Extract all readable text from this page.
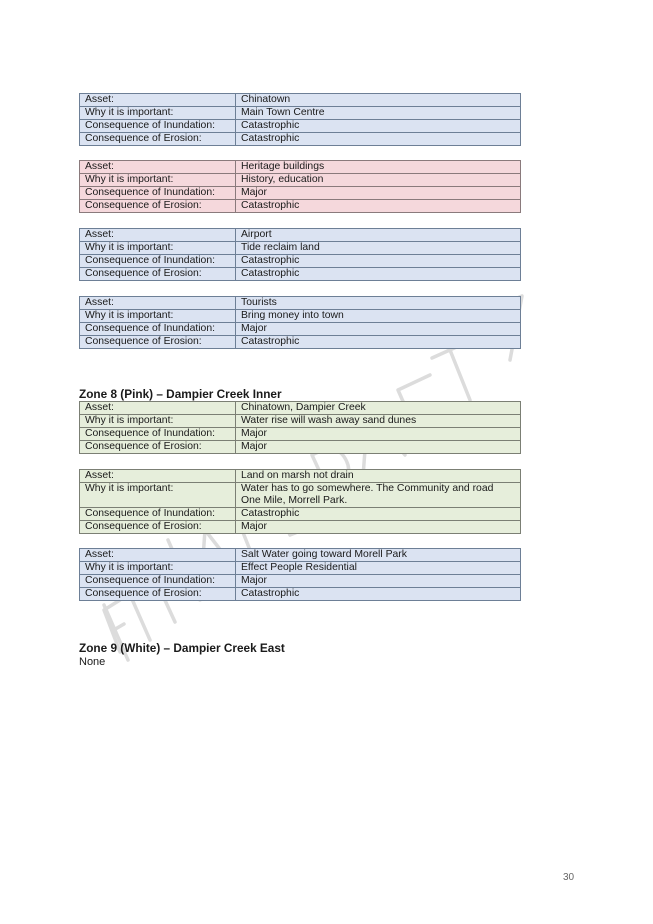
Asset:	Chinatown
Why it is important:	Main Town Centre
Consequence of Inundation:	Catastrophic
Consequence of Erosion:	Catastrophic
Asset:	Heritage buildings
Why it is important:	History, education
Consequence of Inundation:	Major
Consequence of Erosion:	Catastrophic
Asset:	Airport
Why it is important:	Tide reclaim land
Consequence of Inundation:	Catastrophic
Consequence of Erosion:	Catastrophic
Asset:	Tourists
Why it is important:	Bring money into town
Consequence of Inundation:	Major
Consequence of Erosion:	Catastrophic
Zone 8 (Pink) – Dampier Creek Inner
Asset:	Chinatown, Dampier Creek
Why it is important:	Water rise will wash away sand dunes
Consequence of Inundation:	Major
Consequence of Erosion:	Major
Asset:	Land on marsh not drain
Why it is important:	Water has to go somewhere. The Community and road One Mile, Morrell Park.
Consequence of Inundation:	Catastrophic
Consequence of Erosion:	Major
Asset:	Salt Water going toward Morell Park
Why it is important:	Effect People Residential
Consequence of Inundation:	Major
Consequence of Erosion:	Catastrophic
Zone 9 (White) – Dampier Creek East
None
30
